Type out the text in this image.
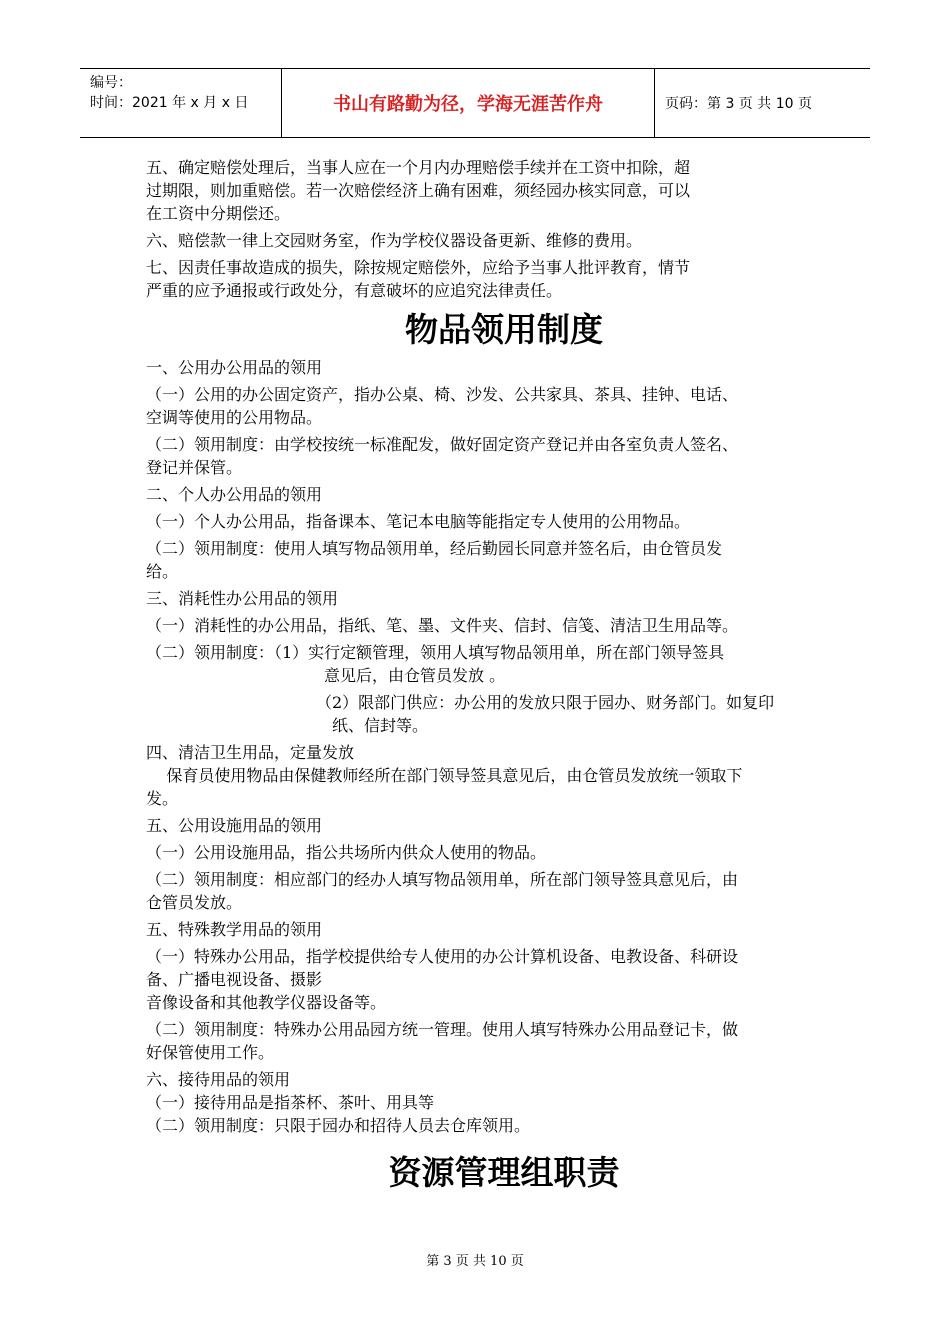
编号：
时间：2021 年 x 月 x 日	书山有路勤为径，学海无涯苦作舟	页码：第 3 页 共 10 页

五、确定赔偿处理后，当事人应在一个月内办理赔偿手续并在工资中扣除，超

过期限，则加重赔偿。若一次赔偿经济上确有困难，须经园办核实同意，可以

在工资中分期偿还。

六、赔偿款一律上交园财务室，作为学校仪器设备更新、维修的费用。

七、因责任事故造成的损失，除按规定赔偿外，应给予当事人批评教育，情节

严重的应予通报或行政处分，有意破坏的应追究法律责任。

物品领用制度

一、公用办公用品的领用

（一）公用的办公固定资产，指办公桌、椅、沙发、公共家具、茶具、挂钟、电话、

空调等使用的公用物品。

（二）领用制度：由学校按统一标准配发，做好固定资产登记并由各室负责人签名、

登记并保管。

二、个人办公用品的领用

（一）个人办公用品，指备课本、笔记本电脑等能指定专人使用的公用物品。

（二）领用制度：使用人填写物品领用单，经后勤园长同意并签名后，由仓管员发

给。

三、消耗性办公用品的领用

（一）消耗性的办公用品，指纸、笔、墨、文件夹、信封、信笺、清洁卫生用品等。

（二）领用制度：（1）实行定额管理，领用人填写物品领用单，所在部门领导签具

意见后，由仓管员发放 。

（2）限部门供应：办公用的发放只限于园办、财务部门。如复印

纸、信封等。

四、清洁卫生用品，定量发放

保育员使用物品由保健教师经所在部门领导签具意见后，由仓管员发放统一领取下

发。

五、公用设施用品的领用

（一）公用设施用品，指公共场所内供众人使用的物品。

（二）领用制度：相应部门的经办人填写物品领用单，所在部门领导签具意见后，由

仓管员发放。

五、特殊教学用品的领用

（一）特殊办公用品，指学校提供给专人使用的办公计算机设备、电教设备、科研设

备、广播电视设备、摄影

音像设备和其他教学仪器设备等。

（二）领用制度：特殊办公用品园方统一管理。使用人填写特殊办公用品登记卡，做

好保管使用工作。

六、接待用品的领用

（一）接待用品是指茶杯、茶叶、用具等

（二）领用制度：只限于园办和招待人员去仓库领用。

资源管理组职责

第 3 页 共 10 页
